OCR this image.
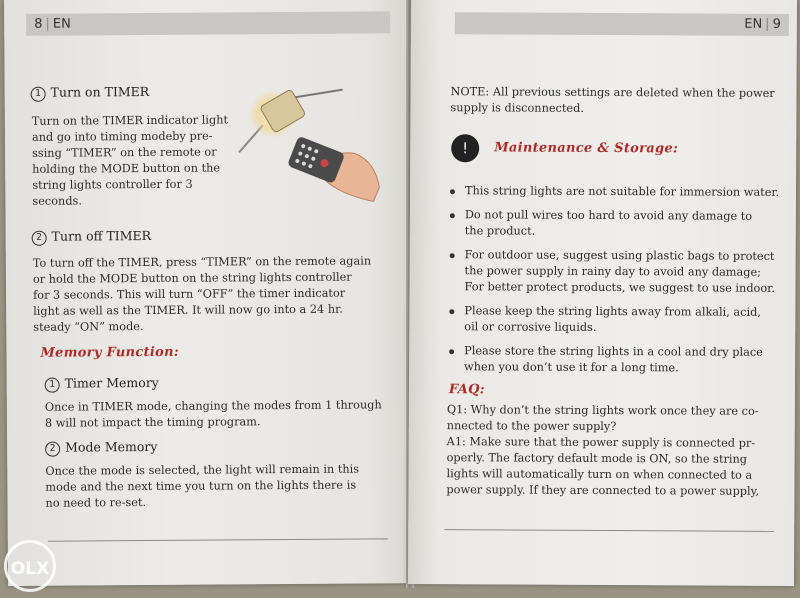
8 | EN
1 Turn on TIMER
Turn on the TIMER indicator light
and go into timing modeby pre-
ssing “TIMER” on the remote or
holding the MODE button on the
string lights controller for 3
seconds.
2 Turn off TIMER
To turn off the TIMER, press “TIMER” on the remote again
or hold the MODE button on the string lights controller
for 3 seconds. This will turn “OFF” the timer indicator
light as well as the TIMER. It will now go into a 24 hr.
steady “ON” mode.
Memory Function:
1 Timer Memory
Once in TIMER mode, changing the modes from 1 through
8 will not impact the timing program.
2 Mode Memory
Once the mode is selected, the light will remain in this
mode and the next time you turn on the lights there is
no need to re-set.
EN | 9
NOTE: All previous settings are deleted when the power
supply is disconnected.
!	Maintenance & Storage:
This string lights are not suitable for immersion water.
Do not pull wires too hard to avoid any damage to
the product.
For outdoor use, suggest using plastic bags to protect
the power supply in rainy day to avoid any damage;
For better protect products, we suggest to use indoor.
Please keep the string lights away from alkali, acid,
oil or corrosive liquids.
Please store the string lights in a cool and dry place
when you don’t use it for a long time.
FAQ:
Q1: Why don’t the string lights work once they are co-
nnected to the power supply?
A1: Make sure that the power supply is connected pr-
operly. The factory default mode is ON, so the string
lights will automatically turn on when connected to a
power supply. If they are connected to a power supply,
OLX
